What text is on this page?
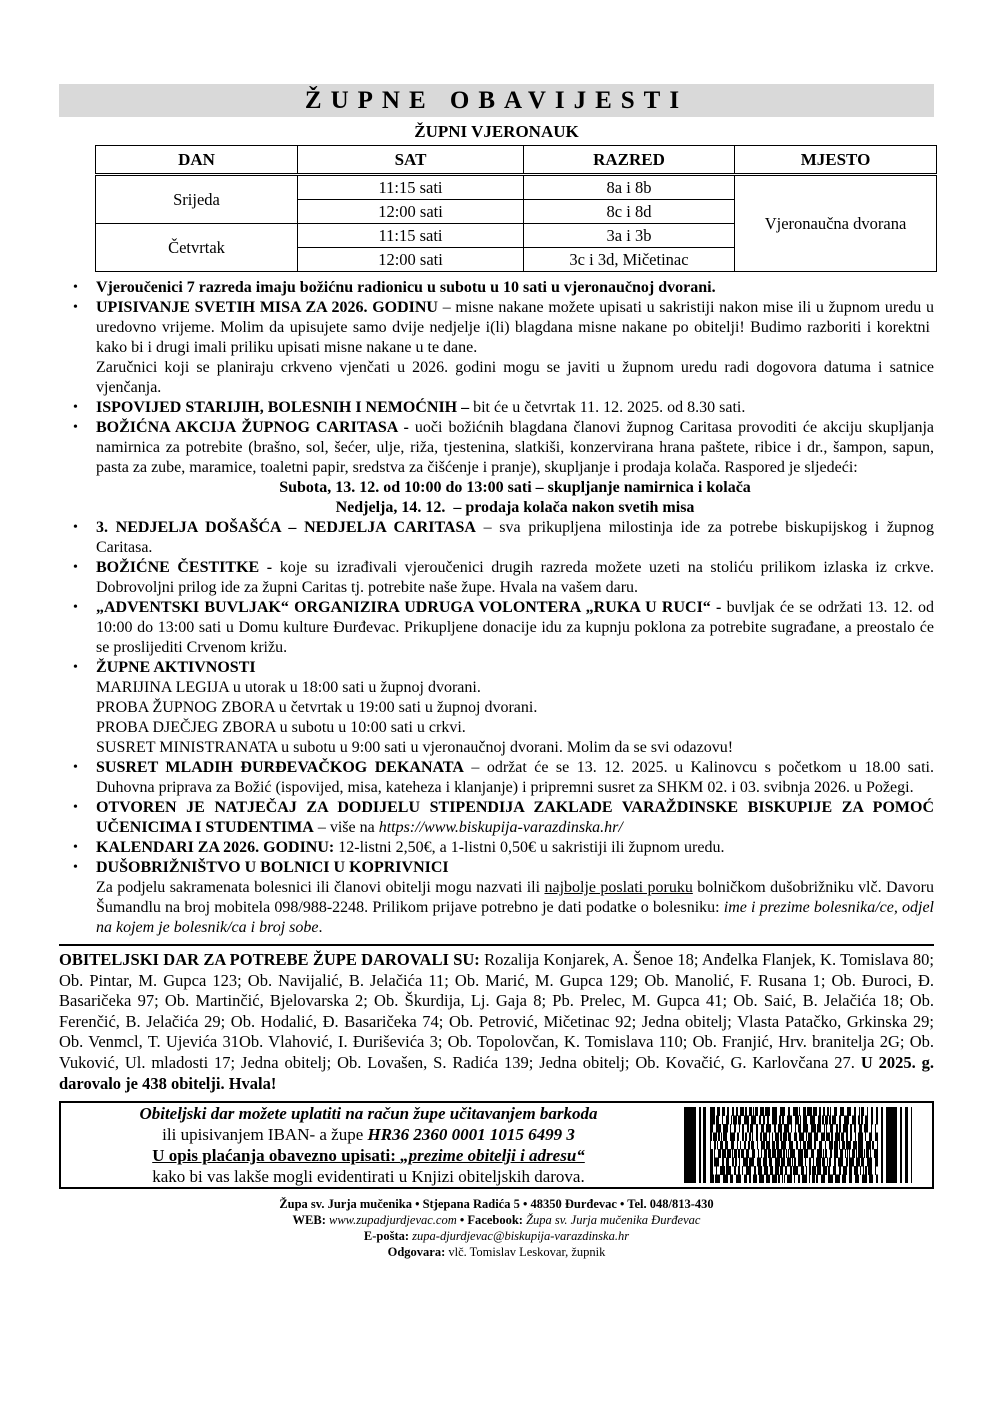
ŽUPNE OBAVIJESTI
ŽUPNI VJERONAUK
DAN	SAT	RAZRED	MJESTO
Srijeda	11:15 sati	8a i 8b	Vjeronaučna dvorana
	12:00 sati	8c i 8d	
Četvrtak	11:15 sati	3a i 3b	
	12:00 sati	3c i 3d, Mičetinac	
•	Vjeroučenici 7 razreda imaju božićnu radionicu u subotu u 10 sati u vjeronaučnoj dvorani.

•	UPISIVANJE SVETIH MISA ZA 2026. GODINU – misne nakane možete upisati u sakristiji nakon mise ili u župnom uredu u uredovno vrijeme. Molim da upisujete samo dvije nedjelje i(li) blagdana misne nakane po obitelji! Budimo razboriti i korektni  kako bi i drugi imali priliku upisati misne nakane u te dane.

Zaručnici koji se planiraju crkveno vjenčati u 2026. godini mogu se javiti u župnom uredu radi dogovora datuma i satnice vjenčanja.

•	ISPOVIJED STARIJIH, BOLESNIH I NEMOĆNIH – bit će u četvrtak 11. 12. 2025. od 8.30 sati.

•	BOŽIĆNA AKCIJA ŽUPNOG CARITASA - uoči božićnih blagdana članovi župnog Caritasa provoditi će akciju skupljanja namirnica za potrebite (brašno, sol, šećer, ulje, riža, tjestenina, slatkiši, konzervirana hrana paštete, ribice i dr., šampon, sapun, pasta za zube, maramice, toaletni papir, sredstva za čišćenje i pranje), skupljanje i prodaja kolača. Raspored je sljedeći:

Subota, 13. 12. od 10:00 do 13:00 sati – skupljanje namirnica i kolača

Nedjelja, 14. 12.  – prodaja kolača nakon svetih misa

•	3. NEDJELJA DOŠAŠĆA – NEDJELJA CARITASA – sva prikupljena milostinja ide za potrebe biskupijskog i župnog Caritasa.

•	BOŽIĆNE ČESTITKE - koje su izrađivali vjeroučenici drugih razreda možete uzeti na stoliću prilikom izlaska iz crkve. Dobrovoljni prilog ide za župni Caritas tj. potrebite naše župe. Hvala na vašem daru.

•	„ADVENTSKI BUVLJAK“ ORGANIZIRA UDRUGA VOLONTERA „RUKA U RUCI“ - buvljak će se održati 13. 12. od 10:00 do 13:00 sati u Domu kulture Đurđevac. Prikupljene donacije idu za kupnju poklona za potrebite sugrađane, a preostalo će se proslijediti Crvenom križu.

•	ŽUPNE AKTIVNOSTI

MARIJINA LEGIJA u utorak u 18:00 sati u župnoj dvorani.

PROBA ŽUPNOG ZBORA u četvrtak u 19:00 sati u župnoj dvorani.

PROBA DJEČJEG ZBORA u subotu u 10:00 sati u crkvi.

SUSRET MINISTRANATA u subotu u 9:00 sati u vjeronaučnoj dvorani. Molim da se svi odazovu!

•	SUSRET MLADIH ĐURĐEVAČKOG DEKANATA – održat će se 13. 12. 2025. u Kalinovcu s početkom u 18.00 sati. Duhovna priprava za Božić (ispovijed, misa, kateheza i klanjanje) i pripremni susret za SHKM 02. i 03. svibnja 2026. u Požegi.

•	OTVOREN JE NATJEČAJ ZA DODIJELU STIPENDIJA ZAKLADE VARAŽDINSKE BISKUPIJE ZA POMOĆ UČENICIMA I STUDENTIMA – više na https://www.biskupija-varazdinska.hr/

•	KALENDARI ZA 2026. GODINU: 12-listni 2,50€, a 1-listni 0,50€ u sakristiji ili župnom uredu.

•	DUŠOBRIŽNIŠTVO U BOLNICI U KOPRIVNICI

Za podjelu sakramenata bolesnici ili članovi obitelji mogu nazvati ili najbolje poslati poruku bolničkom dušobrižniku vlč. Davoru Šumandlu na broj mobitela 098/988-2248. Prilikom prijave potrebno je dati podatke o bolesniku: ime i prezime bolesnika/ce, odjel na kojem je bolesnik/ca i broj sobe.

OBITELJSKI DAR ZA POTREBE ŽUPE DAROVALI SU: Rozalija Konjarek, A. Šenoe 18; Anđelka Flanjek, K. Tomislava 80; Ob. Pintar, M. Gupca 123; Ob. Navijalić, B. Jelačića 11; Ob. Marić, M. Gupca 129; Ob. Manolić, F. Rusana 1; Ob. Đuroci, Đ. Basaričeka 97; Ob. Martinčić, Bjelovarska 2; Ob. Škurdija, Lj. Gaja 8; Pb. Prelec, M. Gupca 41; Ob. Saić, B. Jelačića 18; Ob. Ferenčić, B. Jelačića 29; Ob. Hodalić, Đ. Basaričeka 74; Ob. Petrović, Mičetinac 92; Jedna obitelj; Vlasta Patačko, Grkinska 29; Ob. Venmcl, T. Ujevića 31Ob. Vlahović, I. Đuriševića 3; Ob. Topolovčan, K. Tomislava 110; Ob. Franjić, Hrv. branitelja 2G; Ob. Vuković, Ul. mladosti 17; Jedna obitelj; Ob. Lovašen, S. Radića 139; Jedna obitelj; Ob. Kovačić, G. Karlovčana 27. U 2025. g. darovalo je 438 obitelji. Hvala!

Obiteljski dar možete uplatiti na račun župe učitavanjem barkoda

ili upisivanjem IBAN- a župe HR36 2360 0001 1015 6499 3

U opis plaćanja obavezno upisati: „prezime obitelji i adresu“

kako bi vas lakše mogli evidentirati u Knjizi obiteljskih darova.

Župa sv. Jurja mučenika • Stjepana Radića 5 • 48350 Đurđevac • Tel. 048/813-430
WEB: www.zupadjurdjevac.com • Facebook: Župa sv. Jurja mučenika Đurđevac
E-pošta: zupa-djurdjevac@biskupija-varazdinska.hr
Odgovara: vlč. Tomislav Leskovar, župnik
